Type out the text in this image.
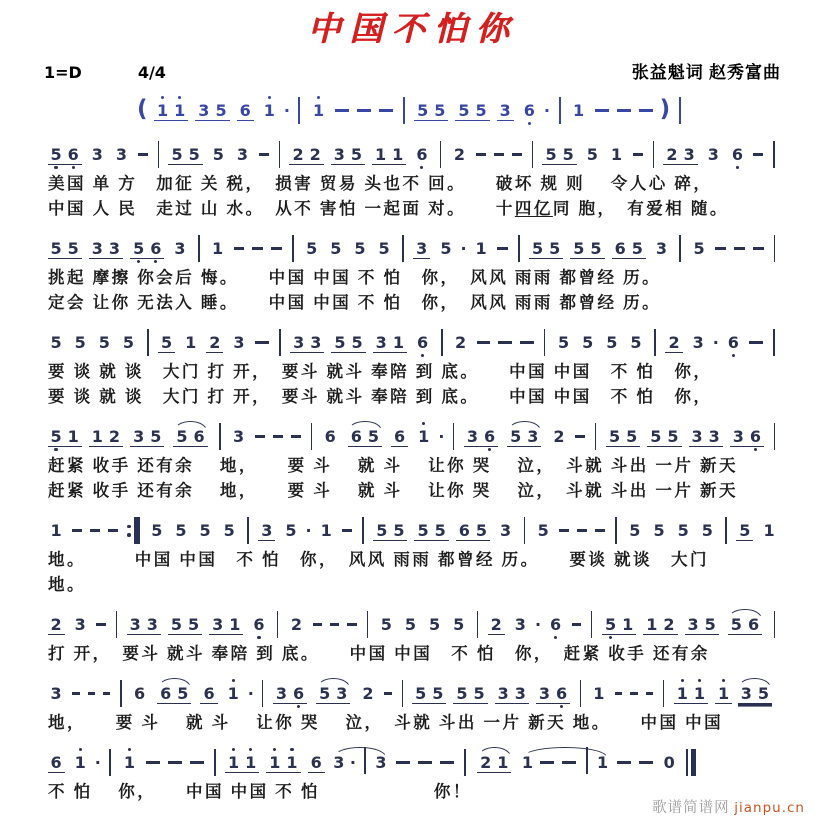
中国不怕你
1=D	4/4	张益魁词 赵秀富曲
( 1 1 3 5 6 1 · 1	5 5 5 5 3 6 · 1	)
5 6 3 3	5 5 5 3	2 2 3 5 1 1 6 2	5 5 5 1	2 3 3 6
美国 单 方　加征 关 税，　损害 贸易 头也不 回。　　破坏 规 则　 令人心 碎，
中国 人 民　走过 山 水。　从不 害怕 一起面 对。　　十四亿同 胞，　有爱相 随。
5 5 3 3 5 6 3 1	5 5 5 5 3 5 · 1	5 5 5 5 6 5 3 5
挑起 摩擦 你会后 悔。　　中国 中国 不 怕　你，　风风 雨雨 都曾经 历。
定会 让你 无法入 睡。　　中国 中国 不 怕　你，　风风 雨雨 都曾经 历。
5 5 5 5 5 1 2 3	3 3 5 5 3 1 6 2	5 5 5 5 2 3 · 6
要 谈 就 谈　大门 打 开，　要斗 就斗 奉陪 到 底。　　中国 中国　不 怕　你，
要 谈 就 谈　大门 打 开，　要斗 就斗 奉陪 到 底。　　中国 中国　不 怕　你，
5 1 1 2 3 5 5 6 3	6 6 5 6 1 · 3 6 5 3 2	5 5 5 5 3 3 3 6
赶紧 收手 还有余　 地，　　要 斗　 就 斗　 让你 哭　 泣，　斗就 斗出 一片 新天
赶紧 收手 还有余　 地，　　要 斗　 就 斗　 让你 哭　 泣，　斗就 斗出 一片 新天
1	5 5 5 5 3 5 · 1	5 5 5 5 6 5 3 5	5 5 5 5 5 1
地。　　　中国 中国　不 怕　你，　风风 雨雨 都曾经 历。　　要谈 就谈　大门
地。
2 3	3 3 5 5 3 1 6 2	5 5 5 5 2 3 · 6	5 1 1 2 3 5 5 6
打 开，　要斗 就斗 奉陪 到 底。　　中国 中国　不 怕　你，　赶紧 收手 还有余
3	6 6 5 6 1 · 3 6 5 3 2	5 5 5 5 3 3 3 6 1	1 1 1 3 5
地，　　要 斗　 就 斗　 让你 哭　 泣，　斗就 斗出 一片 新天 地。　　中国 中国
6 1 · 1	1 1 1 1 6 3 · 3	2 1 1	1	0
不 怕　 你，　　中国 中国 不 怕　　　　　　你！
歌谱简谱网 jianpu.cn
